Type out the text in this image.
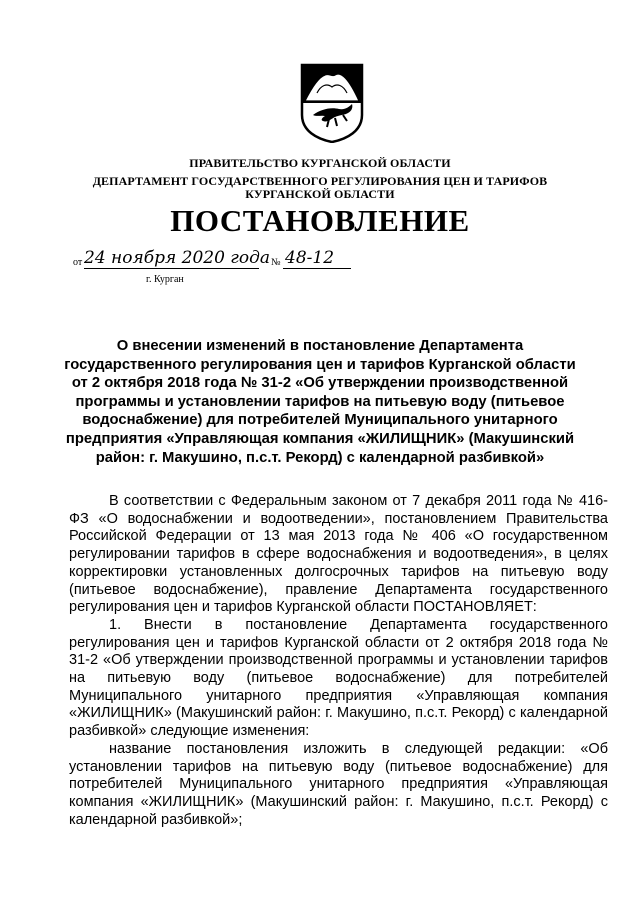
ПРАВИТЕЛЬСТВО КУРГАНСКОЙ ОБЛАСТИ
ДЕПАРТАМЕНТ ГОСУДАРСТВЕННОГО РЕГУЛИРОВАНИЯ ЦЕН И ТАРИФОВ
КУРГАНСКОЙ ОБЛАСТИ
ПОСТАНОВЛЕНИЕ
от 24 ноября 2020 года № 48-12
г. Курган
О внесении изменений в постановление Департамента государственного регулирования цен и тарифов Курганской области от 2 октября 2018 года № 31-2 «Об утверждении производственной программы и установлении тарифов на питьевую воду (питьевое водоснабжение) для потребителей Муниципального унитарного предприятия «Управляющая компания «ЖИЛИЩНИК» (Макушинский район: г. Макушино, п.с.т. Рекорд) с календарной разбивкой»

В соответствии с Федеральным законом от 7 декабря 2011 года № 416-ФЗ «О водоснабжении и водоотведении», постановлением Правительства Российской Федерации от 13 мая 2013 года № 406 «О государственном регулировании тарифов в сфере водоснабжения и водоотведения», в целях корректировки установленных долгосрочных тарифов на питьевую воду (питьевое водоснабжение), правление Департамента государственного регулирования цен и тарифов Курганской области ПОСТАНОВЛЯЕТ:

1. Внести в постановление Департамента государственного регулирования цен и тарифов Курганской области от 2 октября 2018 года № 31-2 «Об утверждении производственной программы и установлении тарифов на питьевую воду (питьевое водоснабжение) для потребителей Муниципального унитарного предприятия «Управляющая компания «ЖИЛИЩНИК» (Макушинский район: г. Макушино, п.с.т. Рекорд) с календарной разбивкой» следующие изменения:

название постановления изложить в следующей редакции: «Об установлении тарифов на питьевую воду (питьевое водоснабжение) для потребителей Муниципального унитарного предприятия «Управляющая компания «ЖИЛИЩНИК» (Макушинский район: г. Макушино, п.с.т. Рекорд) с календарной разбивкой»;
